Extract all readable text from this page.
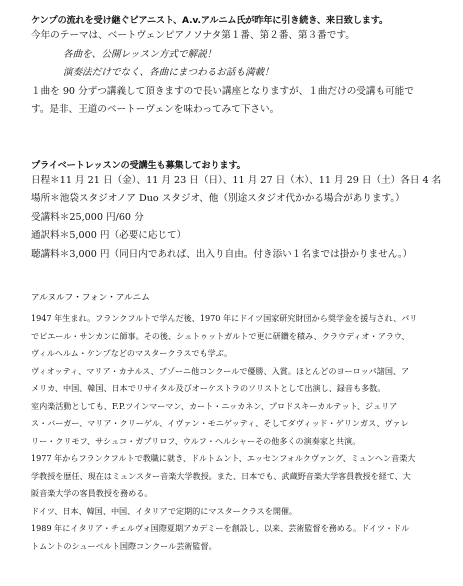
ケンプの流れを受け継ぐピアニスト、A.v.アルニム氏が昨年に引き続き、来日致します。
今年のテーマは、ベートヴェンピアノソナタ第１番、第２番、第３番です。
各曲を、公開レッスン方式で解説！
演奏法だけでなく、各曲にまつわるお話も満載！
１曲を 90 分ずつ講義して頂きますので長い講座となりますが、１曲だけの受講も可能で
す。是非、王道のベートーヴェンを味わってみて下さい。
プライベートレッスンの受講生も募集しております。
日程＊11 月 21 日（金）、11 月 23 日（日）、11 月 27 日（木）、11 月 29 日（土）各日 4 名
場所＊池袋スタジオノア Duo スタジオ、他（別途スタジオ代かかる場合があります。）
受講料＊25,000 円/60 分
通訳料＊5,000 円（必要に応じて）
聴講料＊3,000 円（同日内であれば、出入り自由。付き添い１名までは掛かりません。）
アルヌルフ・フォン・アルニム
1947 年生まれ。フランクフルトで学んだ後、1970 年にドイツ国家研究財団から奨学金を援与され、パリ
でピエール・サンカンに師事。その後、シュトゥットガルトで更に研鑽を積み、クラウディオ・アラウ、
ヴィルヘルム・ケンプなどのマスタークラスでも学ぶ。
ヴィオッティ、マリア・カナルス、ブゾーニ他コンクールで優勝、入賞。ほとんどのヨーロッパ諸国、ア
メリカ、中国、韓国、日本でリサイタル及びオーケストラのソリストとして出演し、録音も多数。
室内楽活動としても、F.P.ツインマーマン、カート・ニッカネン、プロドスキーカルテット、ジュリア
ス・バーガー、マリア・クリーゲル、イヴァン・モニゲッティ、そしてダヴィッド・ゲリンガス、ヴァレ
リー・クリモフ、サシュコ・ガブリロフ、ウルフ・ヘルシャーその他多くの演奏家と共演。
1977 年からフランクフルトで教職に就き、ドルトムント、エッセンフォルクヴァング、ミュンヘン音楽大
学教授を歴任、現在はミュンスター音楽大学教授。また、日本でも、武蔵野音楽大学客員教授を経て、大
阪音楽大学の客員教授を務める。
ドイツ、日本、韓国、中国、イタリアで定期的にマスタークラスを開催。
1989 年にイタリア・チェルヴォ国際夏期アカデミーを創設し、以来、芸術監督を務める。ドイツ・ドル
トムントのシューベルト国際コンクール芸術監督。
